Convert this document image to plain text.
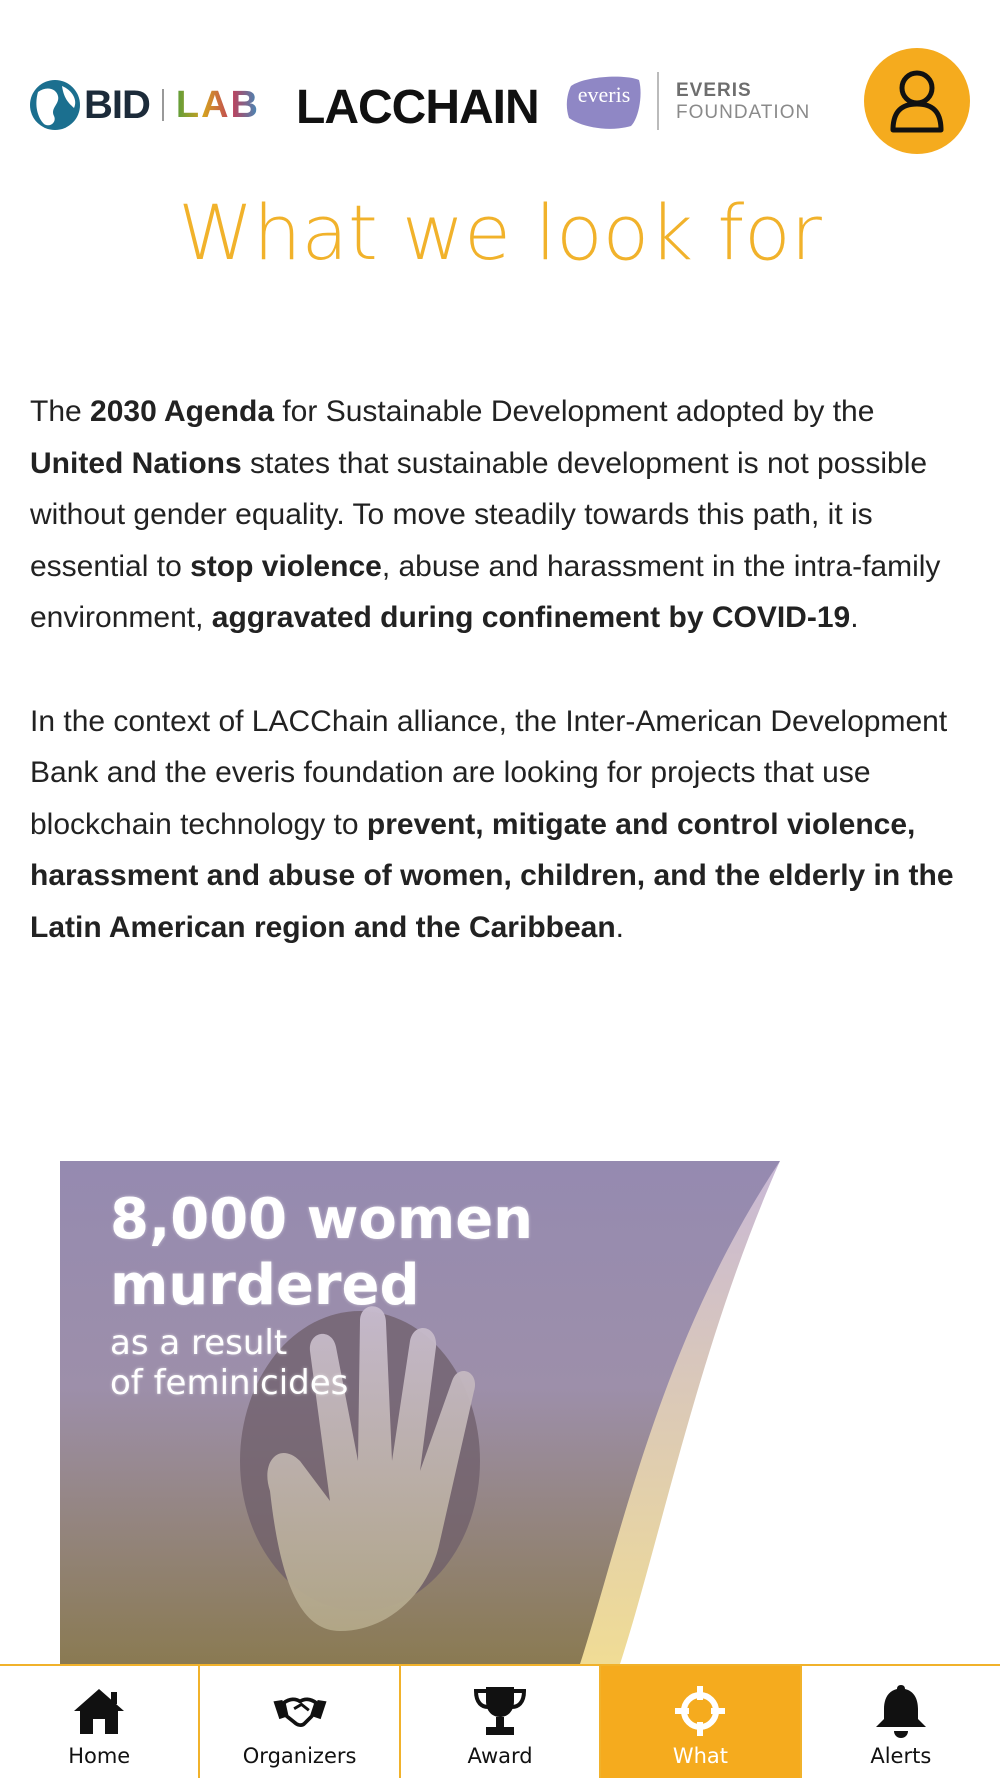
BID LAB LACCHAIN everis EVERIS
FOUNDATION
What we look for

The 2030 Agenda for Sustainable Development adopted by the United Nations states that sustainable development is not possible without gender equality. To move steadily towards this path, it is essential to stop violence, abuse and harassment in the intra-family environment, aggravated during confinement by COVID-19.

In the context of LACChain alliance, the Inter-American Development Bank and the everis foundation are looking for projects that use blockchain technology to prevent, mitigate and control violence, harassment and abuse of women, children, and the elderly in the Latin American region and the Caribbean.

8,000 women
murdered
as a result
of feminicides
Home	Organizers	Award	What	Alerts
